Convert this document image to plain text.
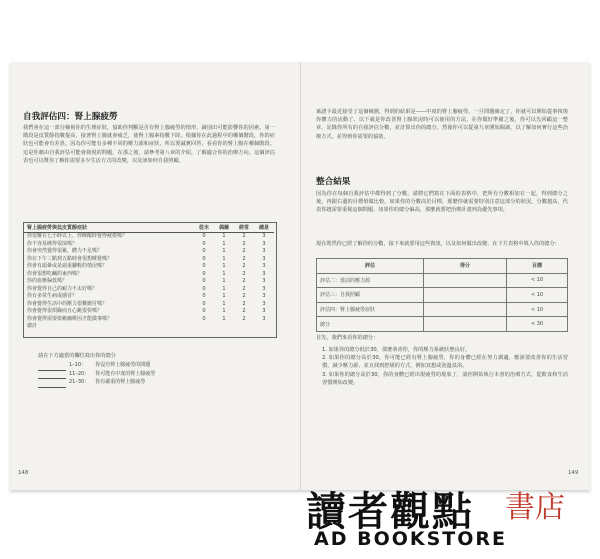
自我評估四：腎上腺疲勞
我們會在這一部分檢視你的生理症狀，協助你判斷是否有腎上腺疲勞的情形，識別出可能影響你的因素。第一階段是皮質醇指數提高，接著腎上腺就會疲乏，使腎上腺素指數下降。根據你在此過程中的哪個階段，你的症狀也可能會有差異。因為你可能有多種不同的壓力源和症狀，所以要誠實回答，看看你的腎上腺在哪個階段。這是你藉由自我評估可能會發現的問題，在那之後，請參考第八章的介紹，了解適合你的治療方向。這個評估表也可以幫你了解你需要多少生活方式的改變，以及該如何自我照顧。
腎上腺疲勞與低皮質醇症狀	從未	偶爾	經常	總是
你很難在七小時以上，你睡醒時覺得疲倦嗎？	0	1	2	3
你不容易睡得很深嗎？	0	1	2	3
你會突然覺得很累，體力不足嗎？	0	1	2	3
你在下午三點到五點時會很想睡覺嗎？	0	1	2	3
你會有頭暈或是頭重腳輕的情況嗎？	0	1	2	3
你會很想吃鹹的東西嗎？	0	1	2	3
你的血壓偏低嗎？	0	1	2	3
你會覺得自己的耐力不太好嗎？	0	1	2	3
你有多常生病或感冒？	0	1	2	3
你會覺得生活中的壓力很難應付嗎？	0	1	2	3
你會覺得很煩躁而且心跳很快嗎？	0	1	2	3
你會覺得需要依賴咖啡因才能做事嗎？	0	1	2	3
總計				
請在下方適當的欄位寫出你的總分
	1–10：	你沒有腎上腺疲勞的問題
	11–20：	你可能有中度的腎上腺疲勞
	21–30：	你有嚴重的腎上腺疲勞
148
萊諾卡最近接受了這個檢測，得到的結果是——中度的腎上腺疲勞。一旦問題確定了，你就可以開始從事恢復你體力的活動了。以下就是你改善腎上腺狀況時可以使用的方法，在你做好準備之後，你可以先回顧這一整章，記錄你所有的自我評估分數，並計算出你的總分。然後你可以從第九章開始閱讀，以了解如何實行這些治療方式，並得到你需要的協助。
整合結果
因為你在每個自我評估中都得到了分數，請將它們寫在下面的表格中，把所有分數相加在一起，得到總分之後，再跟右邊的目標值做比較。如果你的分數高於目標，那麼你就需要特別注意這部分的狀況。分數越高，代表你越需要重視這個問題。如果你的總分偏高，那麼就要把治療計畫列為優先事項。
現在既然你已經了解你的分數，接下來就要用這些資訊，以及如何做出改變，在下方表格中填入你的總分：
評估	得分	目標
評估二：當前的壓力源		< 10
評估三：自我照顧		< 10
評估四：腎上腺疲勞症狀		< 10
總分		< 30
首先，我們來看你的總分：
1. 如果你的總分低於30，那麼恭喜你，你的壓力系統狀態良好。
2. 如果你的總分高於30，你可能已經有腎上腺疲勞，你的身體已經在努力調適，應該要改善你的生活習慣，減少壓力源，並且找到舒緩的方式，例如冥想或泡溫泉浴。
3. 如果你的總分高於30，你的身體已經出現疲勞的現象了，請你開始執行本書的治療方式，從飲食和生活習慣開始改變。
149
讀者觀點 書店
AD BOOKSTORE
